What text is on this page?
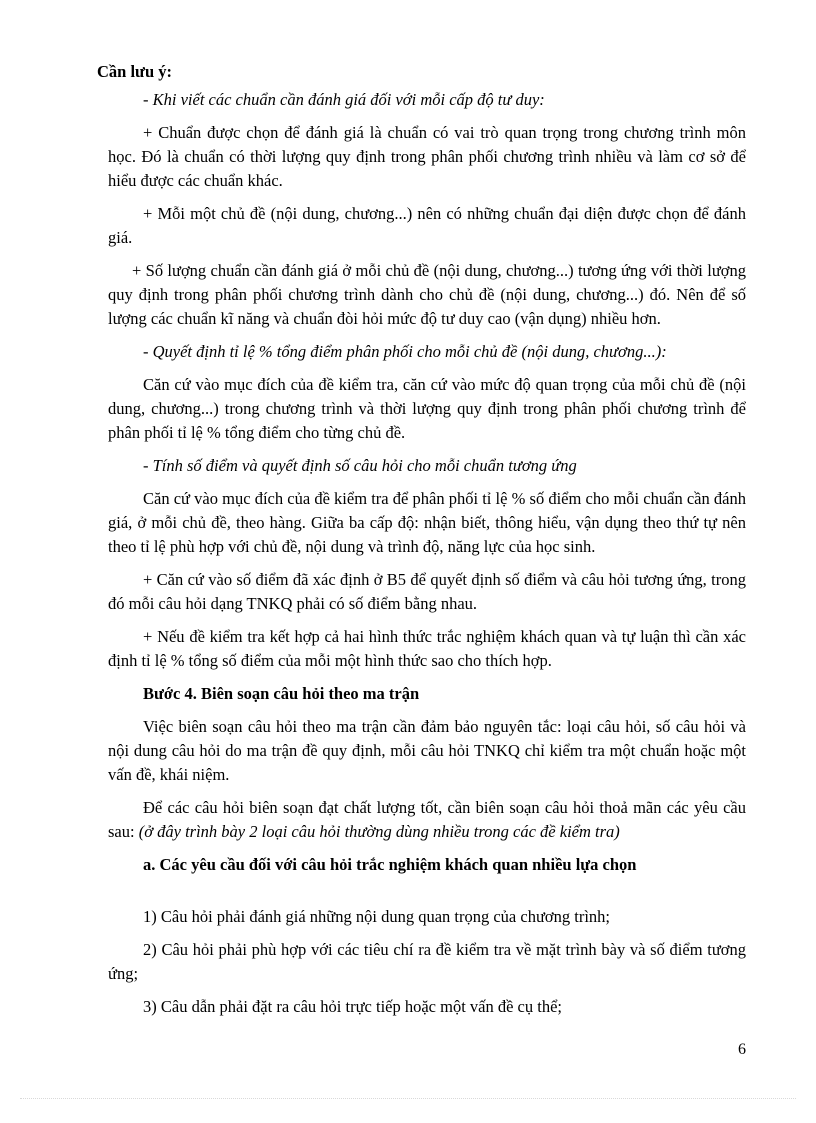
Cần lưu ý:

- Khi viết các chuẩn cần đánh giá đối với mỗi cấp độ tư duy:

+ Chuẩn được chọn để đánh giá là chuẩn có vai trò quan trọng trong chương trình môn học. Đó là chuẩn có thời lượng quy định trong phân phối chương trình nhiều và làm cơ sở để hiểu được các chuẩn khác.

+ Mỗi một chủ đề (nội dung, chương...) nên có những chuẩn đại diện được chọn để đánh giá.

+ Số lượng chuẩn cần đánh giá ở mỗi chủ đề (nội dung, chương...) tương ứng với thời lượng quy định trong phân phối chương trình dành cho chủ đề (nội dung, chương...) đó. Nên để số lượng các chuẩn kĩ năng và chuẩn đòi hỏi mức độ tư duy cao (vận dụng) nhiều hơn.

- Quyết định tỉ lệ % tổng điểm phân phối cho mỗi chủ đề (nội dung, chương...):

Căn cứ vào mục đích của đề kiểm tra, căn cứ vào mức độ quan trọng của mỗi chủ đề (nội dung, chương...) trong chương trình và thời lượng quy định trong phân phối chương trình để phân phối tỉ lệ % tổng điểm cho từng chủ đề.

- Tính số điểm và quyết định số câu hỏi cho mỗi chuẩn tương ứng

Căn cứ vào mục đích của đề kiểm tra để phân phối tỉ lệ % số điểm cho mỗi chuẩn cần đánh giá, ở mỗi chủ đề, theo hàng. Giữa ba cấp độ: nhận biết, thông hiểu, vận dụng theo thứ tự nên theo tỉ lệ phù hợp với chủ đề, nội dung và trình độ, năng lực của học sinh.

+ Căn cứ vào số điểm đã xác định ở B5 để quyết định số điểm và câu hỏi tương ứng, trong đó mỗi câu hỏi dạng TNKQ phải có số điểm bằng nhau.

+ Nếu đề kiểm tra kết hợp cả hai hình thức trắc nghiệm khách quan và tự luận thì cần xác định tỉ lệ % tổng số điểm của mỗi một hình thức sao cho thích hợp.

Bước 4. Biên soạn câu hỏi theo ma trận

Việc biên soạn câu hỏi theo ma trận cần đảm bảo nguyên tắc: loại câu hỏi, số câu hỏi và nội dung câu hỏi do ma trận đề quy định, mỗi câu hỏi TNKQ chỉ kiểm tra một chuẩn hoặc một vấn đề, khái niệm.

Để các câu hỏi biên soạn đạt chất lượng tốt, cần biên soạn câu hỏi thoả mãn các yêu cầu sau: (ở đây trình bày 2 loại câu hỏi thường dùng nhiều trong các đề kiểm tra)

a. Các yêu cầu đối với câu hỏi trắc nghiệm khách quan nhiều lựa chọn

1) Câu hỏi phải đánh giá những nội dung quan trọng của chương trình;

2) Câu hỏi phải phù hợp với các tiêu chí ra đề kiểm tra về mặt trình bày và số điểm tương ứng;

3) Câu dẫn phải đặt ra câu hỏi trực tiếp hoặc một vấn đề cụ thể;

6
